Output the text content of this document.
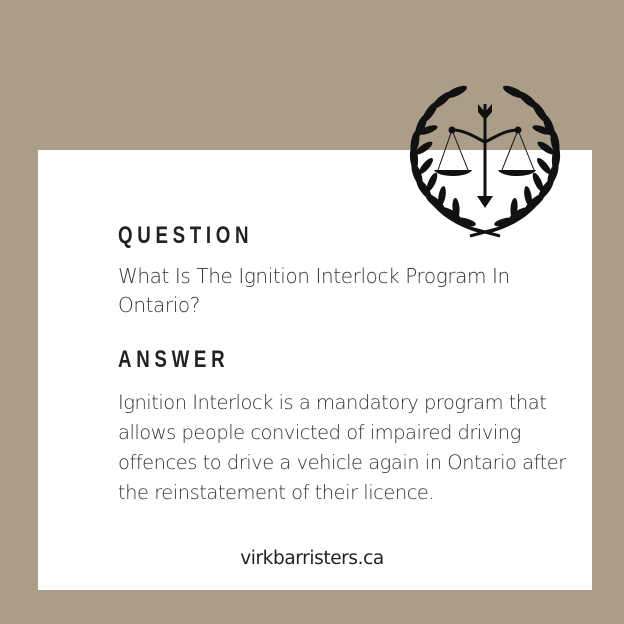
QUESTION
What Is The Ignition Interlock Program In Ontario?
ANSWER
Ignition Interlock is a mandatory program that allows people convicted of impaired driving offences to drive a vehicle again in Ontario after the reinstatement of their licence.
virkbarristers.ca
